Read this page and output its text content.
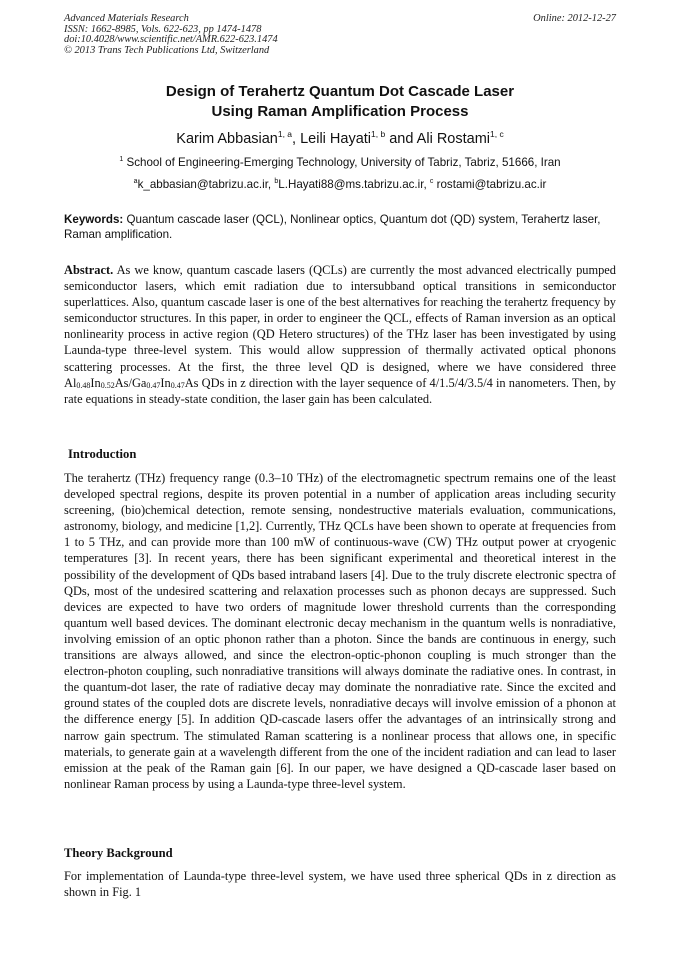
Advanced Materials Research
ISSN: 1662-8985, Vols. 622-623, pp 1474-1478
doi:10.4028/www.scientific.net/AMR.622-623.1474
© 2013 Trans Tech Publications Ltd, Switzerland
Online: 2012-12-27
Design of Terahertz Quantum Dot Cascade Laser
Using Raman Amplification Process
Karim Abbasian$^{1, a}$, Leili Hayati$^{1, b}$ and Ali Rostami$^{1, c}$
$^1$ School of Engineering-Emerging Technology, University of Tabriz, Tabriz, 51666, Iran
$^a$k_abbasian@tabrizu.ac.ir, $^b$L.Hayati88@ms.tabrizu.ac.ir, $^c$ rostami@tabrizu.ac.ir
Keywords: Quantum cascade laser (QCL), Nonlinear optics, Quantum dot (QD) system, Terahertz laser, Raman amplification.
Abstract. As we know, quantum cascade lasers (QCLs) are currently the most advanced electrically pumped semiconductor lasers, which emit radiation due to intersubband optical transitions in semiconductor superlattices. Also, quantum cascade laser is one of the best alternatives for reaching the terahertz frequency by semiconductor structures. In this paper, in order to engineer the QCL, effects of Raman inversion as an optical nonlinearity process in active region (QD Hetero structures) of the THz laser has been investigated by using Launda-type three-level system. This would allow suppression of thermally activated optical phonons scattering processes. At the first, the three level QD is designed, where we have considered three Al0.48In0.52As/Ga0.47In0.47As QDs in z direction with the layer sequence of 4/1.5/4/3.5/4 in nanometers. Then, by rate equations in steady-state condition, the laser gain has been calculated.
Introduction
The terahertz (THz) frequency range (0.3–10 THz) of the electromagnetic spectrum remains one of the least developed spectral regions, despite its proven potential in a number of application areas including security screening, (bio)chemical detection, remote sensing, nondestructive materials evaluation, communications, astronomy, biology, and medicine [1,2]. Currently, THz QCLs have been shown to operate at frequencies from 1 to 5 THz, and can provide more than 100 mW of continuous-wave (CW) THz output power at cryogenic temperatures [3]. In recent years, there has been significant experimental and theoretical interest in the possibility of the development of QDs based intraband lasers [4]. Due to the truly discrete electronic spectra of QDs, most of the undesired scattering and relaxation processes such as phonon decays are suppressed. Such devices are expected to have two orders of magnitude lower threshold currents than the corresponding quantum well based devices. The dominant electronic decay mechanism in the quantum wells is nonradiative, involving emission of an optic phonon rather than a photon. Since the bands are continuous in energy, such transitions are always allowed, and since the electron-optic-phonon coupling is much stronger than the electron-photon coupling, such nonradiative transitions will always dominate the radiative ones. In contrast, in the quantum-dot laser, the rate of radiative decay may dominate the nonradiative rate. Since the excited and ground states of the coupled dots are discrete levels, nonradiative decays will involve emission of a phonon at the difference energy [5]. In addition QD-cascade lasers offer the advantages of an intrinsically strong and narrow gain spectrum. The stimulated Raman scattering is a nonlinear process that allows one, in specific materials, to generate gain at a wavelength different from the one of the incident radiation and can lead to laser emission at the peak of the Raman gain [6]. In our paper, we have designed a QD-cascade laser based on nonlinear Raman process by using a Launda-type three-level system.
Theory Background
For implementation of Launda-type three-level system, we have used three spherical QDs in z direction as shown in Fig. 1
